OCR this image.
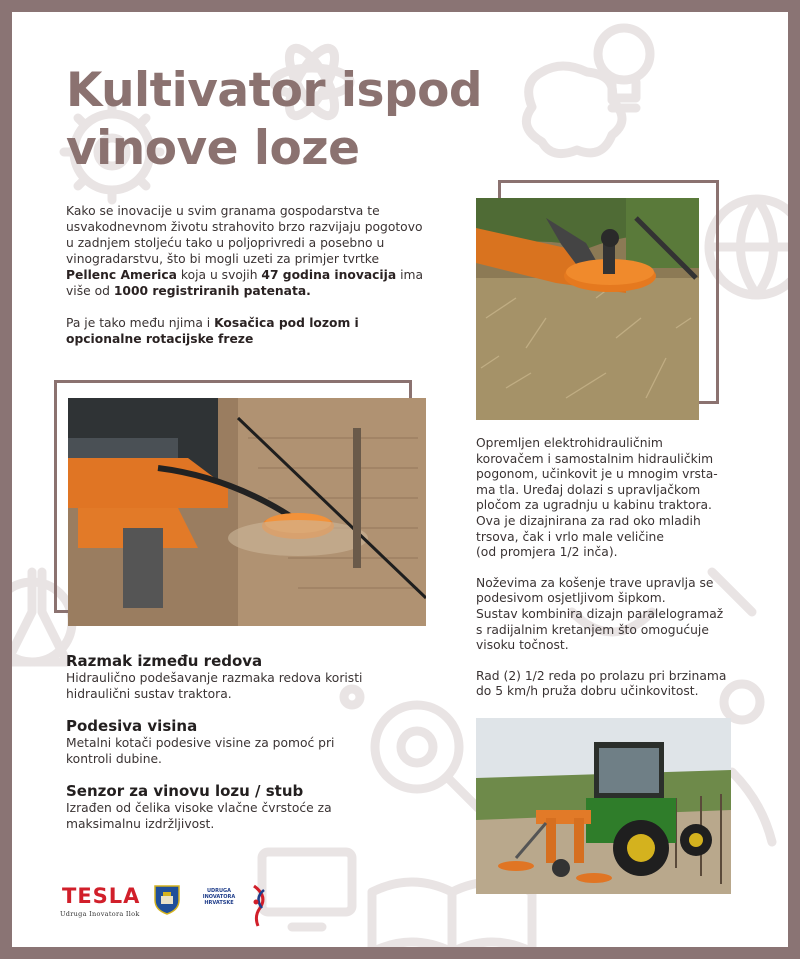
Kultivator ispod
vinove loze

Kako se inovacije u svim granama gospodarstva te usvakodnevnom životu strahovito brzo razvijaju pogotovo u zadnjem stoljeću tako u poljoprivredi a posebno u vinogradarstvu, što bi mogli uzeti za primjer tvrtke Pellenc America koja u svojih 47 godina inovacija ima više od 1000 registriranih patenata.

Pa je tako među njima i Kosačica pod lozom i opcionalne rotacijske freze

Razmak između redova

Hidraulično podešavanje razmaka redova koristi hidraulični sustav traktora.

Podesiva visina

Metalni kotači podesive visine za pomoć pri kontroli dubine.

Senzor za vinovu lozu / stub

Izrađen od čelika visoke vlačne čvrstoće za maksimalnu izdržljivost.

Opremljen elektrohidrauličnim
korovačem i samostalnim hidrauličkim
pogonom, učinkovit je u mnogim vrsta-
ma tla. Uređaj dolazi s upravljačkom
pločom za ugradnju u kabinu traktora.
Ova je dizajnirana za rad oko mladih
trsova, čak i vrlo male veličine
(od promjera 1/2 inča).

Noževima za košenje trave upravlja se
podesivom osjetljivom šipkom.
Sustav kombinira dizajn paralelogramaž
s radijalnim kretanjem što omogućuje
visoku točnost.

Rad (2) 1/2 reda po prolazu pri brzinama
do 5 km/h pruža dobru učinkovitost.

TESLA
Udruga Inovatora Ilok
UDRUGA
INOVATORA
HRVATSKE
